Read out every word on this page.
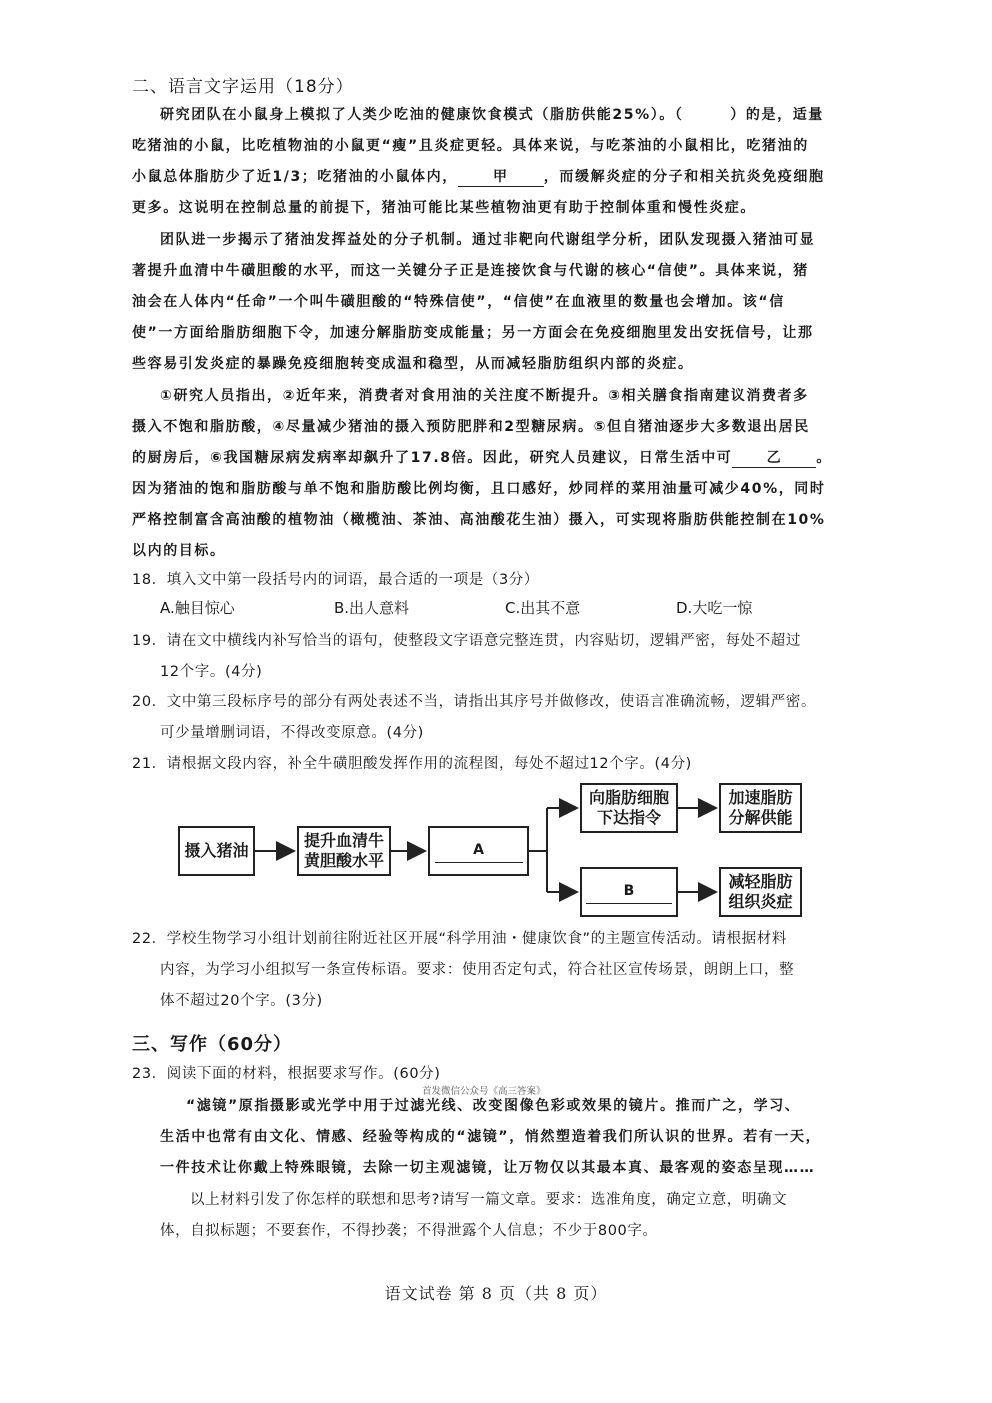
二、语言文字运用（18分）
研究团队在小鼠身上模拟了人类少吃油的健康饮食模式（脂肪供能25%）。（　　　）的是，适量
吃猪油的小鼠，比吃植物油的小鼠更“瘦”且炎症更轻。具体来说，与吃茶油的小鼠相比，吃猪油的
小鼠总体脂肪少了近1/3；吃猪油的小鼠体内，	甲	，而缓解炎症的分子和相关抗炎免疫细胞
更多。这说明在控制总量的前提下，猪油可能比某些植物油更有助于控制体重和慢性炎症。
团队进一步揭示了猪油发挥益处的分子机制。通过非靶向代谢组学分析，团队发现摄入猪油可显
著提升血清中牛磺胆酸的水平，而这一关键分子正是连接饮食与代谢的核心“信使”。具体来说，猪
油会在人体内“任命”一个叫牛磺胆酸的“特殊信使”，“信使”在血液里的数量也会增加。该“信
使”一方面给脂肪细胞下令，加速分解脂肪变成能量；另一方面会在免疫细胞里发出安抚信号，让那
些容易引发炎症的暴躁免疫细胞转变成温和稳型，从而减轻脂肪组织内部的炎症。
①研究人员指出，②近年来，消费者对食用油的关注度不断提升。③相关膳食指南建议消费者多
摄入不饱和脂肪酸，④尽量减少猪油的摄入预防肥胖和2型糖尿病。⑤但自猪油逐步大多数退出居民
的厨房后，⑥我国糖尿病发病率却飙升了17.8倍。因此，研究人员建议，日常生活中可 乙 。
因为猪油的饱和脂肪酸与单不饱和脂肪酸比例均衡，且口感好，炒同样的菜用油量可减少40%，同时
严格控制富含高油酸的植物油（橄榄油、茶油、高油酸花生油）摄入，可实现将脂肪供能控制在10%
以内的目标。
18．填入文中第一段括号内的词语，最合适的一项是（3分）
A.触目惊心	B.出人意料	C.出其不意	D.大吃一惊
19．请在文中横线内补写恰当的语句，使整段文字语意完整连贯，内容贴切，逻辑严密，每处不超过
12个字。(4分)
20．文中第三段标序号的部分有两处表述不当，请指出其序号并做修改，使语言准确流畅，逻辑严密。
可少量增删词语，不得改变原意。(4分)
21．请根据文段内容，补全牛磺胆酸发挥作用的流程图，每处不超过12个字。(4分)
摄入猪油
提升血清牛
黄胆酸水平
A
向脂肪细胞
下达指令
加速脂肪
分解供能
B	减轻脂肪
组织炎症
22．学校生物学习小组计划前往附近社区开展“科学用油・健康饮食”的主题宣传活动。请根据材料
内容，为学习小组拟写一条宣传标语。要求：使用否定句式，符合社区宣传场景，朗朗上口，整
体不超过20个字。(3分)
三、写作（60分）
23．阅读下面的材料，根据要求写作。(60分)
首发微信公众号《高三答案》
“滤镜”原指摄影或光学中用于过滤光线、改变图像色彩或效果的镜片。推而广之，学习、
生活中也常有由文化、情感、经验等构成的“滤镜”，悄然塑造着我们所认识的世界。若有一天，
一件技术让你戴上特殊眼镜，去除一切主观滤镜，让万物仅以其最本真、最客观的姿态呈现……
以上材料引发了你怎样的联想和思考?请写一篇文章。要求：选准角度，确定立意，明确文
体，自拟标题；不要套作，不得抄袭；不得泄露个人信息；不少于800字。
语文试卷 第 8 页（共 8 页）
